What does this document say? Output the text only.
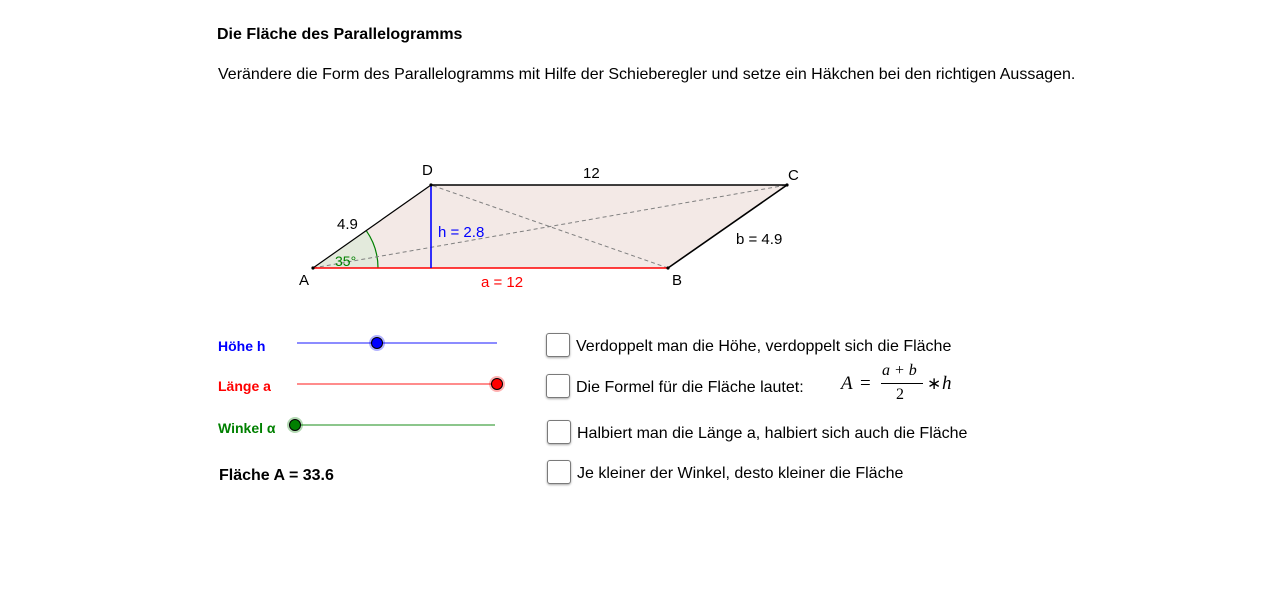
Die Fläche des Parallelogramms
Verändere die Form des Parallelogramms mit Hilfe der Schieberegler und setze ein Häkchen bei den richtigen Aussagen.
A	B
C
D	12
4.9	h = 2.8
a = 12
b = 4.9
35°
Höhe h
Länge a
Winkel α
Fläche A = 33.6
Verdoppelt man die Höhe, verdoppelt sich die Fläche
Die Formel für die Fläche lautet: A =
a + b
2
∗ h
Halbiert man die Länge a, halbiert sich auch die Fläche
Je kleiner der Winkel, desto kleiner die Fläche
